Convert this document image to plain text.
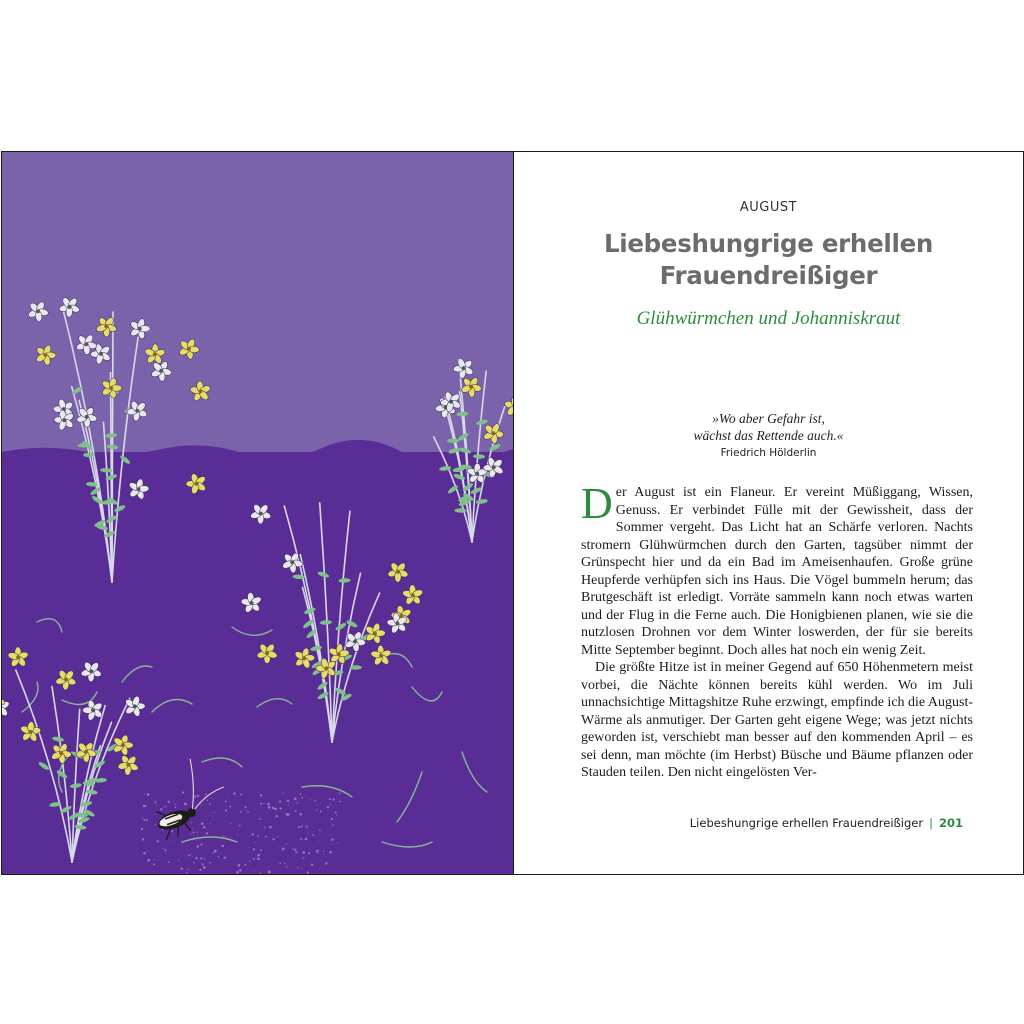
AUGUST
Liebeshungrige erhellen
Frauendreißiger
Glühwürmchen und Johanniskraut
»Wo aber Gefahr ist,
wächst das Rettende auch.«
Friedrich Hölderlin

Der August ist ein Flaneur. Er vereint Müßiggang, Wissen, Genuss. Er verbindet Fülle mit der Gewissheit, dass der Sommer vergeht. Das Licht hat an Schärfe verloren. Nachts stromern Glühwürmchen durch den Garten, tagsüber nimmt der Grünspecht hier und da ein Bad im Ameisenhaufen. Große grüne Heupferde verhüpfen sich ins Haus. Die Vögel bummeln herum; das Brutgeschäft ist erledigt. Vorräte sammeln kann noch etwas warten und der Flug in die Ferne auch. Die Honigbienen planen, wie sie die nutzlosen Drohnen vor dem Winter loswerden, der für sie bereits Mitte September beginnt. Doch alles hat noch ein wenig Zeit.

Die größte Hitze ist in meiner Gegend auf 650 Höhenmetern meist vorbei, die Nächte können bereits kühl werden. Wo im Juli unnachsichtige Mittagshitze Ruhe erzwingt, empfinde ich die August-Wärme als anmutiger. Der Garten geht eigene Wege; was jetzt nichts geworden ist, verschiebt man besser auf den kommenden April – es sei denn, man möchte (im Herbst) Büsche und Bäume pflanzen oder Stauden teilen. Den nicht eingelösten Ver-

Liebeshungrige erhellen Frauendreißiger | 201
